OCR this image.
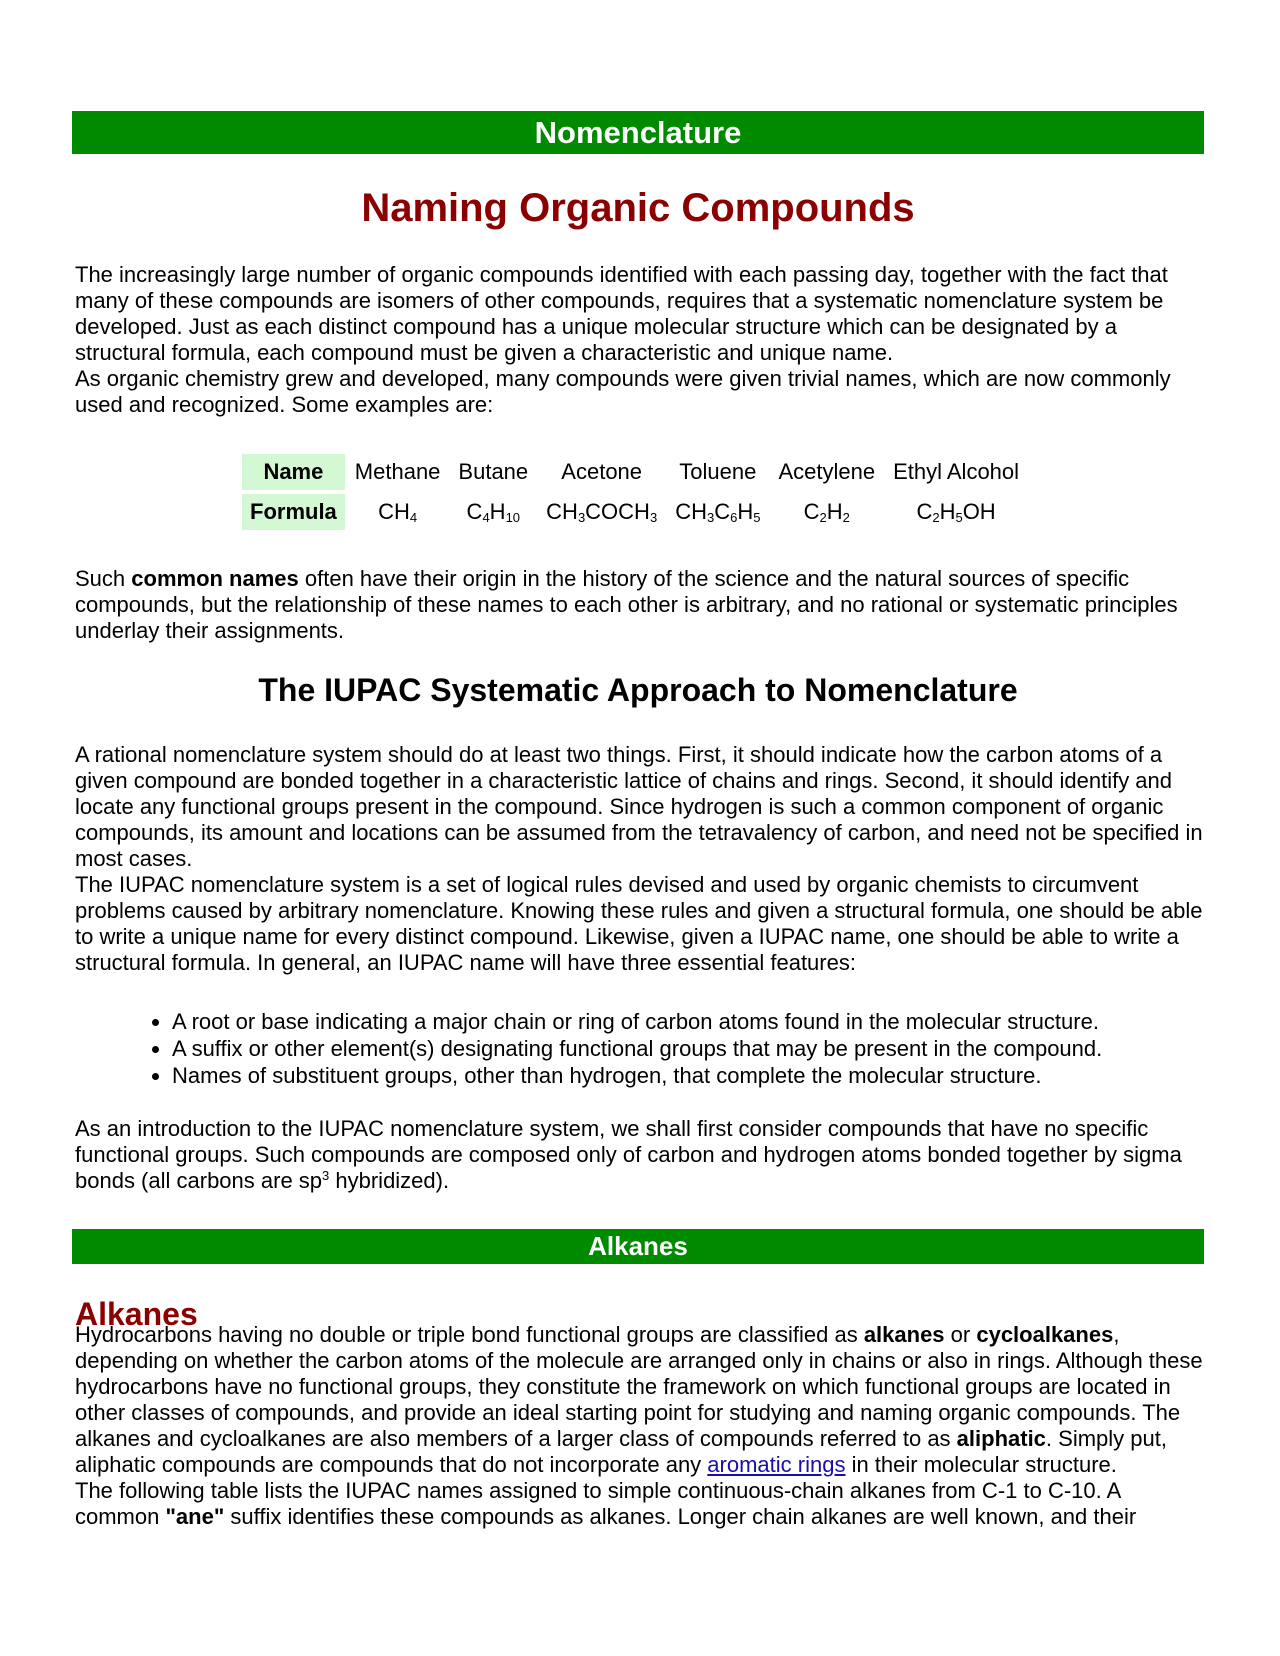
Nomenclature
Naming Organic Compounds

The increasingly large number of organic compounds identified with each passing day, together with the fact that many of these compounds are isomers of other compounds, requires that a systematic nomenclature system be developed. Just as each distinct compound has a unique molecular structure which can be designated by a structural formula, each compound must be given a characteristic and unique name.
As organic chemistry grew and developed, many compounds were given trivial names, which are now commonly used and recognized. Some examples are:

Name	Methane	Butane	Acetone	Toluene	Acetylene	Ethyl Alcohol
Formula	$CH_4$	$C_4H_{10}$	$CH_3COCH_3$	$CH_3C_6H_5$	$C_2H_2$	$C_2H_5OH$

Such common names often have their origin in the history of the science and the natural sources of specific compounds, but the relationship of these names to each other is arbitrary, and no rational or systematic principles underlay their assignments.

The IUPAC Systematic Approach to Nomenclature

A rational nomenclature system should do at least two things. First, it should indicate how the carbon atoms of a given compound are bonded together in a characteristic lattice of chains and rings. Second, it should identify and locate any functional groups present in the compound. Since hydrogen is such a common component of organic compounds, its amount and locations can be assumed from the tetravalency of carbon, and need not be specified in most cases.
The IUPAC nomenclature system is a set of logical rules devised and used by organic chemists to circumvent problems caused by arbitrary nomenclature. Knowing these rules and given a structural formula, one should be able to write a unique name for every distinct compound. Likewise, given a IUPAC name, one should be able to write a structural formula. In general, an IUPAC name will have three essential features:

• A root or base indicating a major chain or ring of carbon atoms found in the molecular structure.
• A suffix or other element(s) designating functional groups that may be present in the compound.
• Names of substituent groups, other than hydrogen, that complete the molecular structure.

As an introduction to the IUPAC nomenclature system, we shall first consider compounds that have no specific functional groups. Such compounds are composed only of carbon and hydrogen atoms bonded together by sigma bonds (all carbons are $sp^3$ hybridized).

Alkanes
Alkanes

Hydrocarbons having no double or triple bond functional groups are classified as alkanes or cycloalkanes, depending on whether the carbon atoms of the molecule are arranged only in chains or also in rings. Although these hydrocarbons have no functional groups, they constitute the framework on which functional groups are located in other classes of compounds, and provide an ideal starting point for studying and naming organic compounds. The alkanes and cycloalkanes are also members of a larger class of compounds referred to as aliphatic. Simply put, aliphatic compounds are compounds that do not incorporate any aromatic rings in their molecular structure.
The following table lists the IUPAC names assigned to simple continuous-chain alkanes from C-1 to C-10. A common "ane" suffix identifies these compounds as alkanes. Longer chain alkanes are well known, and their
